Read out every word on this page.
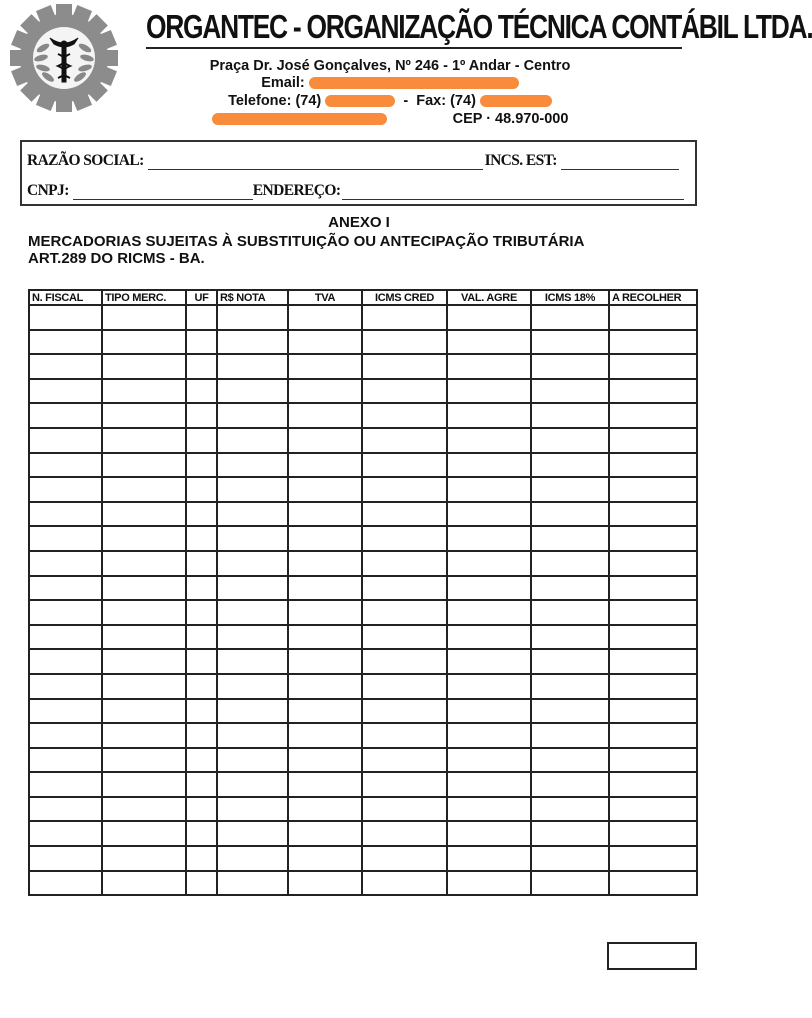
ORGANTEC - ORGANIZAÇÃO TÉCNICA CONTÁBIL LTDA.
Praça Dr. José Gonçalves, Nº 246 - 1º Andar - Centro
Email:
Telefone: (74)	- Fax: (74)
CEP · 48.970-000
RAZÃO SOCIAL:	INCS. EST:
CNPJ:	ENDEREÇO:
ANEXO I
MERCADORIAS SUJEITAS À SUBSTITUIÇÃO OU ANTECIPAÇÃO TRIBUTÁRIA
ART.289 DO RICMS - BA.
N. FISCAL	TIPO MERC.	UF	R$ NOTA	TVA	ICMS CRED	VAL. AGRE	ICMS 18%	A RECOLHER
